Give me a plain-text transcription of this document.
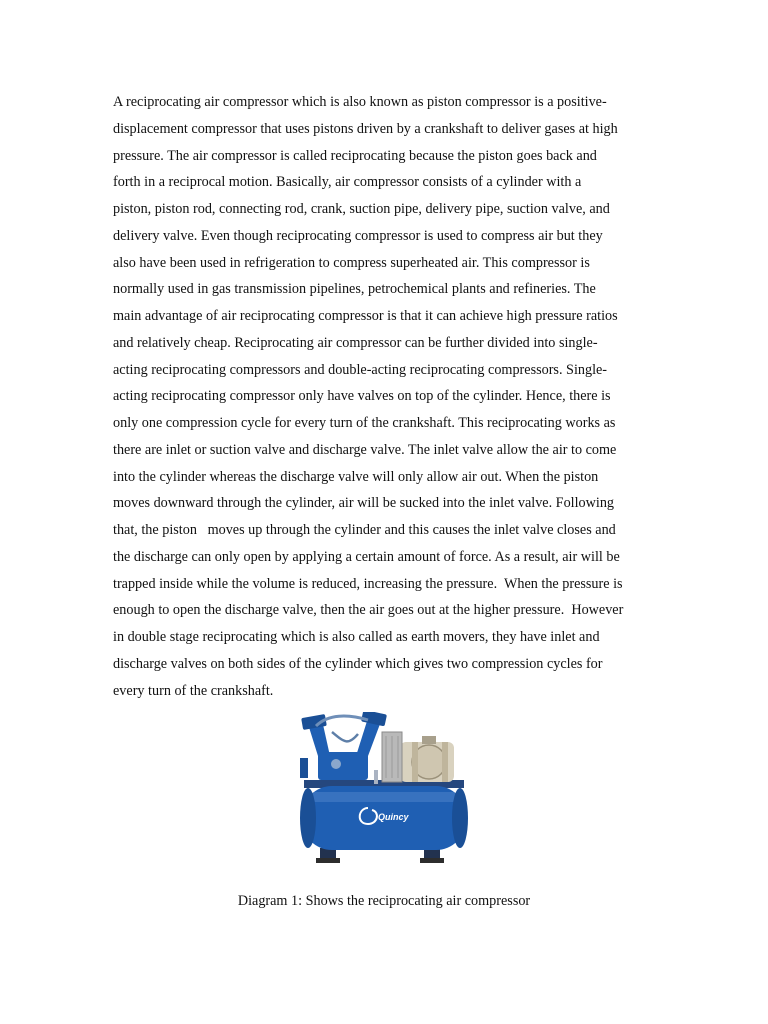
A reciprocating air compressor which is also known as piston compressor is a positive-
displacement compressor that uses pistons driven by a crankshaft to deliver gases at high
pressure. The air compressor is called reciprocating because the piston goes back and
forth in a reciprocal motion. Basically, air compressor consists of a cylinder with a
piston, piston rod, connecting rod, crank, suction pipe, delivery pipe, suction valve, and
delivery valve. Even though reciprocating compressor is used to compress air but they
also have been used in refrigeration to compress superheated air. This compressor is
normally used in gas transmission pipelines, petrochemical plants and refineries. The
main advantage of air reciprocating compressor is that it can achieve high pressure ratios
and relatively cheap. Reciprocating air compressor can be further divided into single-
acting reciprocating compressors and double-acting reciprocating compressors. Single-
acting reciprocating compressor only have valves on top of the cylinder. Hence, there is
only one compression cycle for every turn of the crankshaft. This reciprocating works as
there are inlet or suction valve and discharge valve. The inlet valve allow the air to come
into the cylinder whereas the discharge valve will only allow air out. When the piston
moves downward through the cylinder, air will be sucked into the inlet valve. Following
that, the piston   moves up through the cylinder and this causes the inlet valve closes and
the discharge can only open by applying a certain amount of force. As a result, air will be
trapped inside while the volume is reduced, increasing the pressure.  When the pressure is
enough to open the discharge valve, then the air goes out at the higher pressure.  However
in double stage reciprocating which is also called as earth movers, they have inlet and
discharge valves on both sides of the cylinder which gives two compression cycles for
every turn of the crankshaft.

Quincy

Diagram 1: Shows the reciprocating air compressor
